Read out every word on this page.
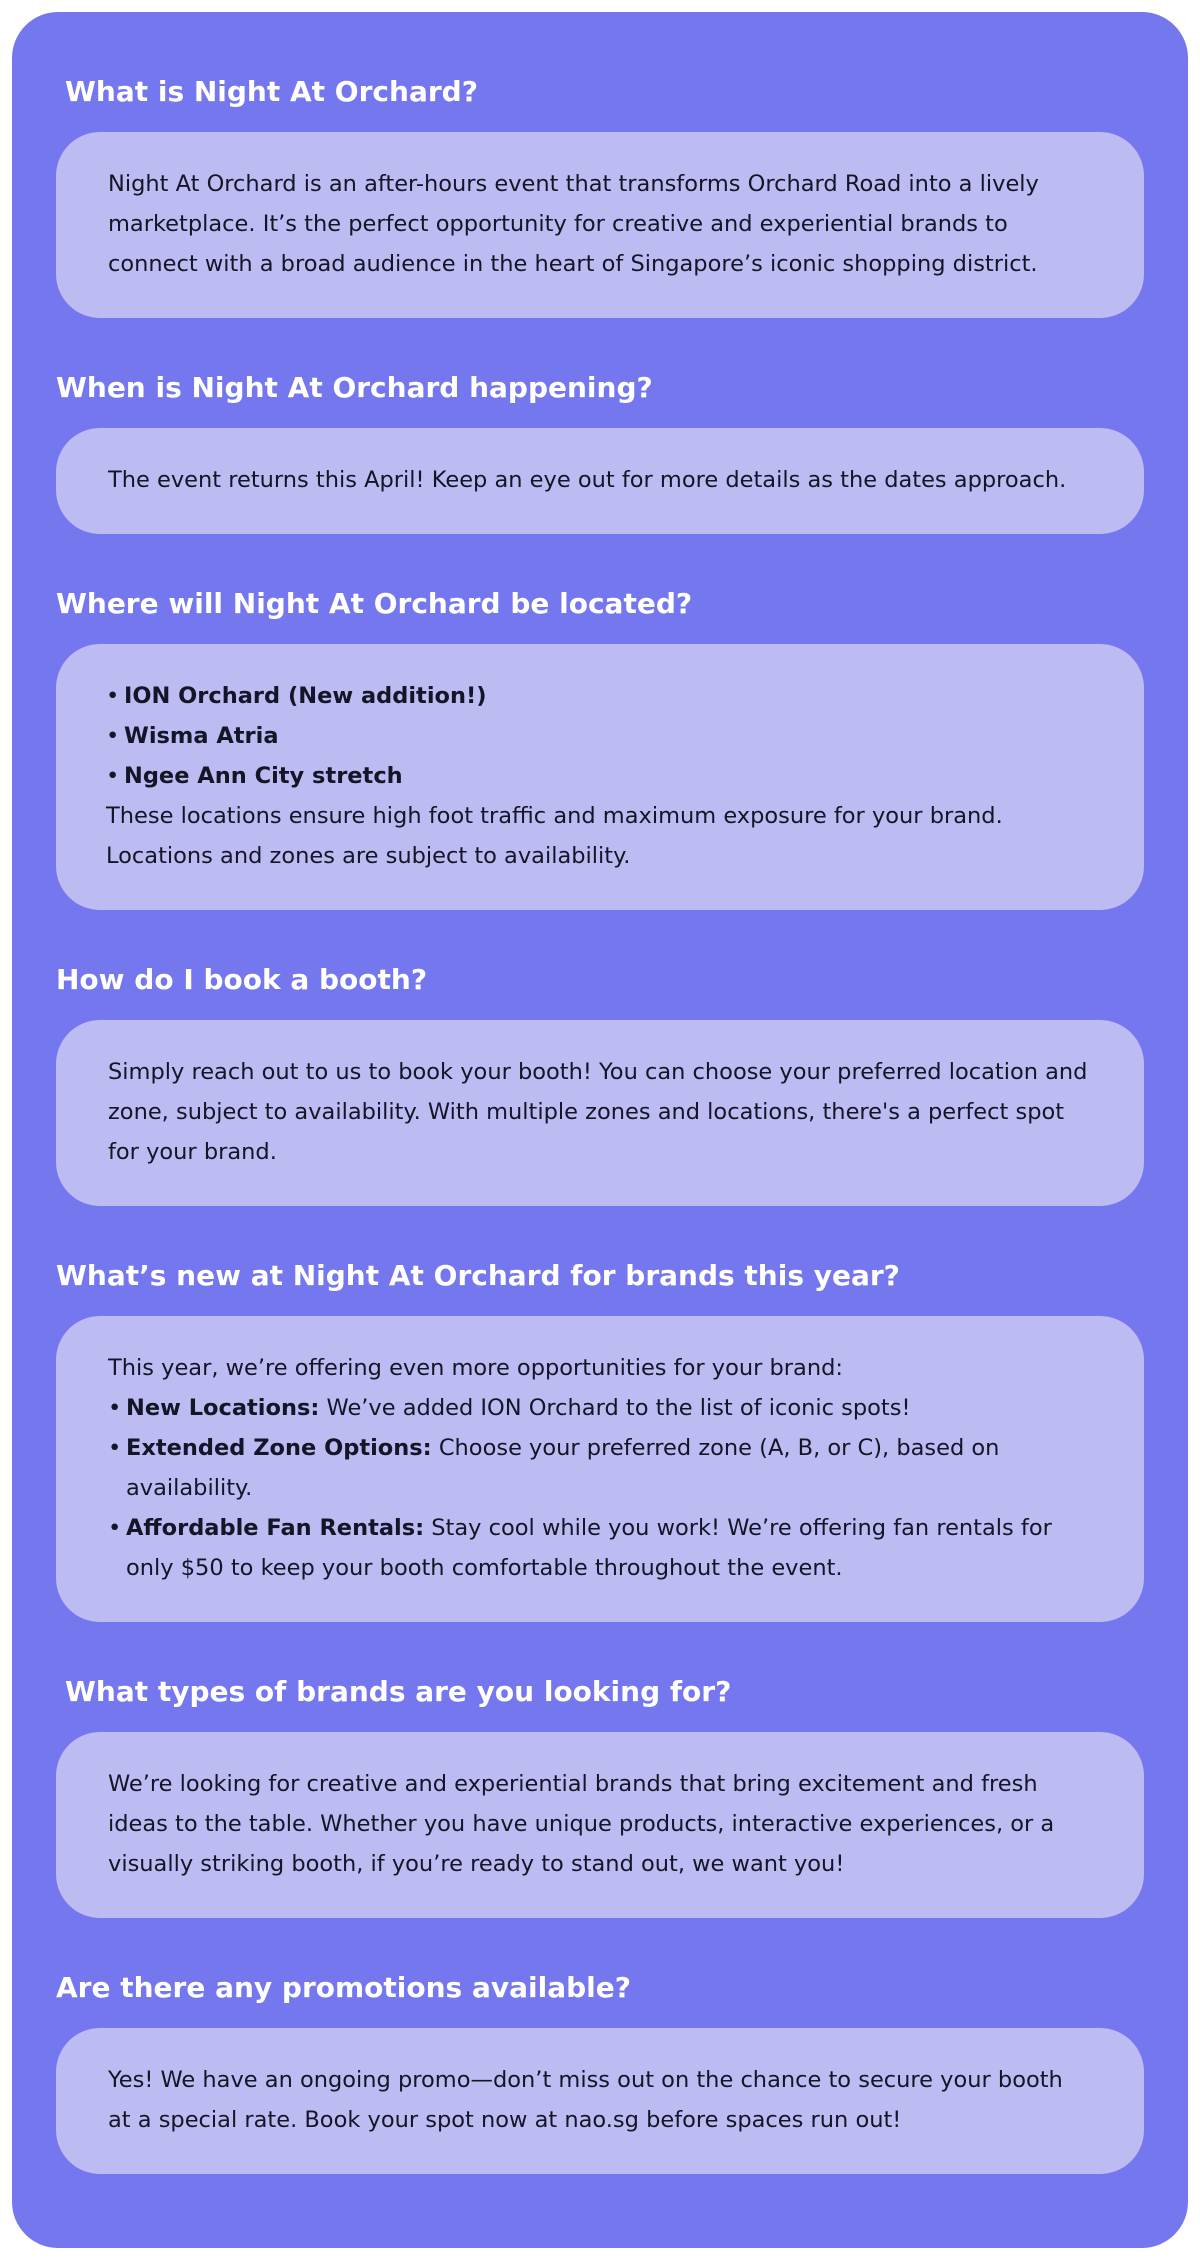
What is Night At Orchard?

Night At Orchard is an after-hours event that transforms Orchard Road into a lively marketplace. It’s the perfect opportunity for creative and experiential brands to connect with a broad audience in the heart of Singapore’s iconic shopping district.

When is Night At Orchard happening?

The event returns this April! Keep an eye out for more details as the dates approach.

Where will Night At Orchard be located?
• ION Orchard (New addition!)
• Wisma Atria
• Ngee Ann City stretch

These locations ensure high foot traffic and maximum exposure for your brand. Locations and zones are subject to availability.

How do I book a booth?

Simply reach out to us to book your booth! You can choose your preferred location and zone, subject to availability. With multiple zones and locations, there's a perfect spot for your brand.

What’s new at Night At Orchard for brands this year?

This year, we’re offering even more opportunities for your brand:

• New Locations: We’ve added ION Orchard to the list of iconic spots!
• Extended Zone Options: Choose your preferred zone (A, B, or C), based on availability.
• Affordable Fan Rentals: Stay cool while you work! We’re offering fan rentals for only $50 to keep your booth comfortable throughout the event.
What types of brands are you looking for?

We’re looking for creative and experiential brands that bring excitement and fresh ideas to the table. Whether you have unique products, interactive experiences, or a visually striking booth, if you’re ready to stand out, we want you!

Are there any promotions available?

Yes! We have an ongoing promo—don’t miss out on the chance to secure your booth at a special rate. Book your spot now at nao.sg before spaces run out!
